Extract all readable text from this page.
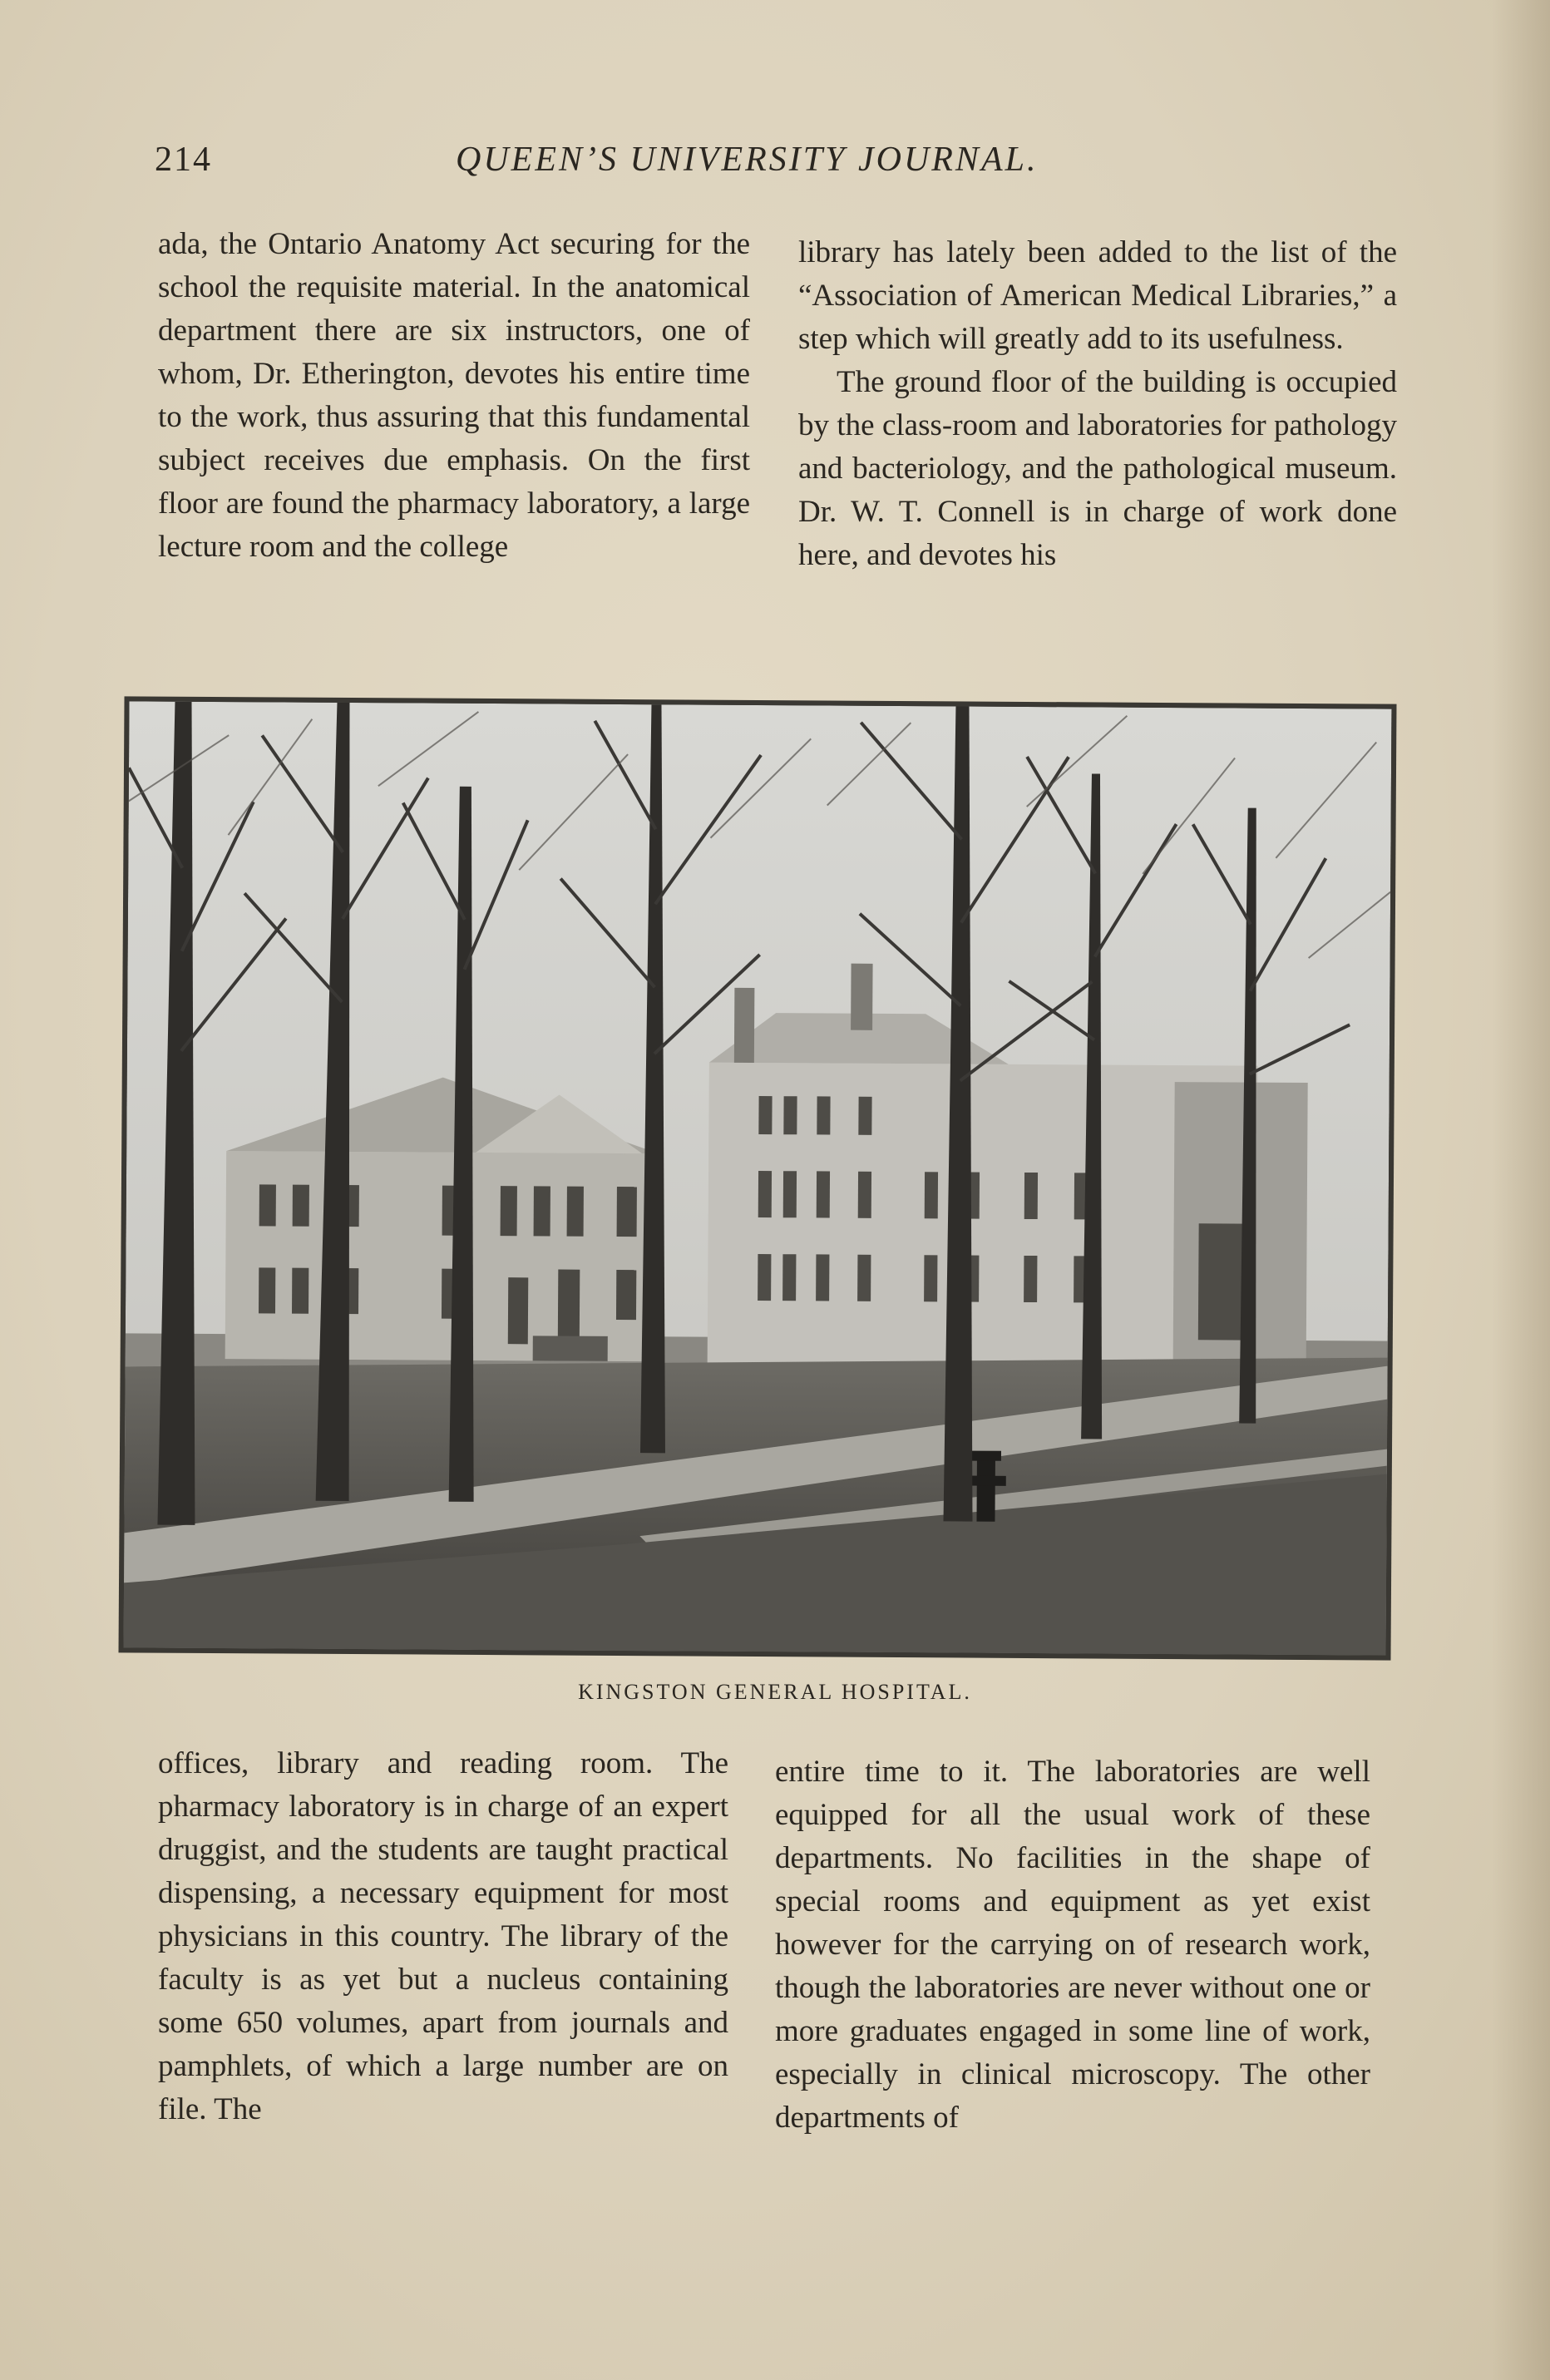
214	QUEEN’S UNIVERSITY JOURNAL.

ada, the Ontario Anatomy Act securing for the school the requisite material. In the anatomical department there are six instructors, one of whom, Dr. Etherington, devotes his entire time to the work, thus assuring that this fundamental subject receives due emphasis. On the first floor are found the pharmacy laboratory, a large lecture room and the college

library has lately been added to the list of the “Association of American Medical Libraries,” a step which will greatly add to its usefulness.

The ground floor of the building is occupied by the class-room and laboratories for pathology and bacteriology, and the pathological museum. Dr. W. T. Connell is in charge of work done here, and devotes his

KINGSTON GENERAL HOSPITAL.

offices, library and reading room. The pharmacy laboratory is in charge of an expert druggist, and the students are taught practical dispensing, a necessary equipment for most physicians in this country. The library of the faculty is as yet but a nucleus containing some 650 volumes, apart from journals and pamphlets, of which a large number are on file. The

entire time to it. The laboratories are well equipped for all the usual work of these departments. No facilities in the shape of special rooms and equipment as yet exist however for the carrying on of research work, though the laboratories are never without one or more graduates engaged in some line of work, especially in clinical microscopy. The other departments of
